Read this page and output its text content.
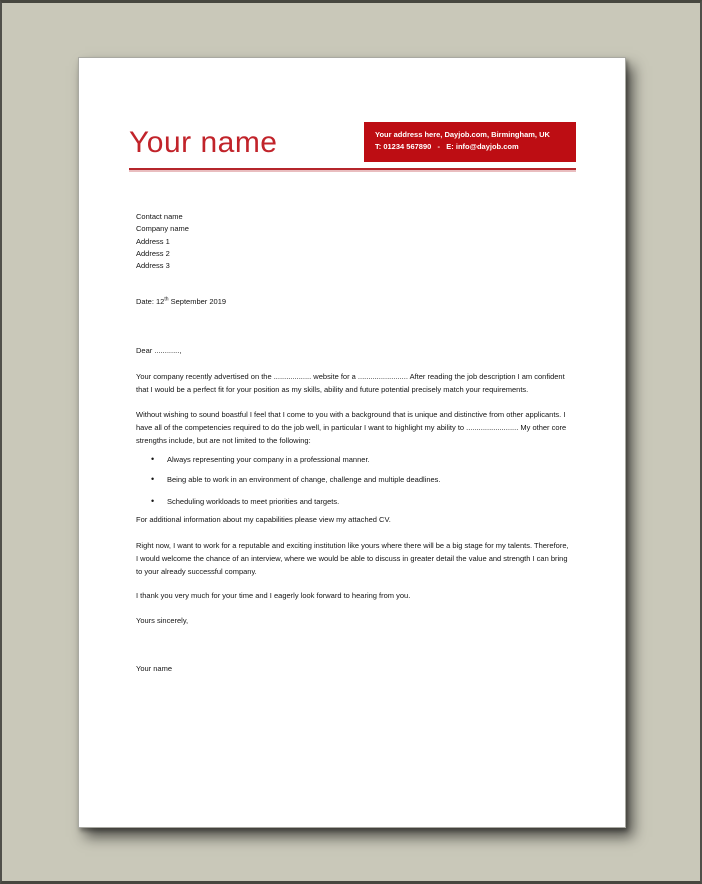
Your name	Your address here, Dayjob.com, Birmingham, UK
T: 01234 567890   -   E: info@dayjob.com
Contact name
Company name
Address 1
Address 2
Address 3
Date: 12th September 2019
Dear ............,
Your company recently advertised on the .................. website for a ........................ After reading the job description I am confident that I would be a perfect fit for your position as my skills, ability and future potential precisely match your requirements.
Without wishing to sound boastful I feel that I come to you with a background that is unique and distinctive from other applicants. I have all of the competencies required to do the job well, in particular I want to highlight my ability to ......................... My other core strengths include, but are not limited to the following:
• Always representing your company in a professional manner.
• Being able to work in an environment of change, challenge and multiple deadlines.
• Scheduling workloads to meet priorities and targets.
For additional information about my capabilities please view my attached CV.
Right now, I want to work for a reputable and exciting institution like yours where there will be a big stage for my talents. Therefore, I would welcome the chance of an interview, where we would be able to discuss in greater detail the value and strength I can bring to your already successful company.
I thank you very much for your time and I eagerly look forward to hearing from you.
Yours sincerely,
Your name
